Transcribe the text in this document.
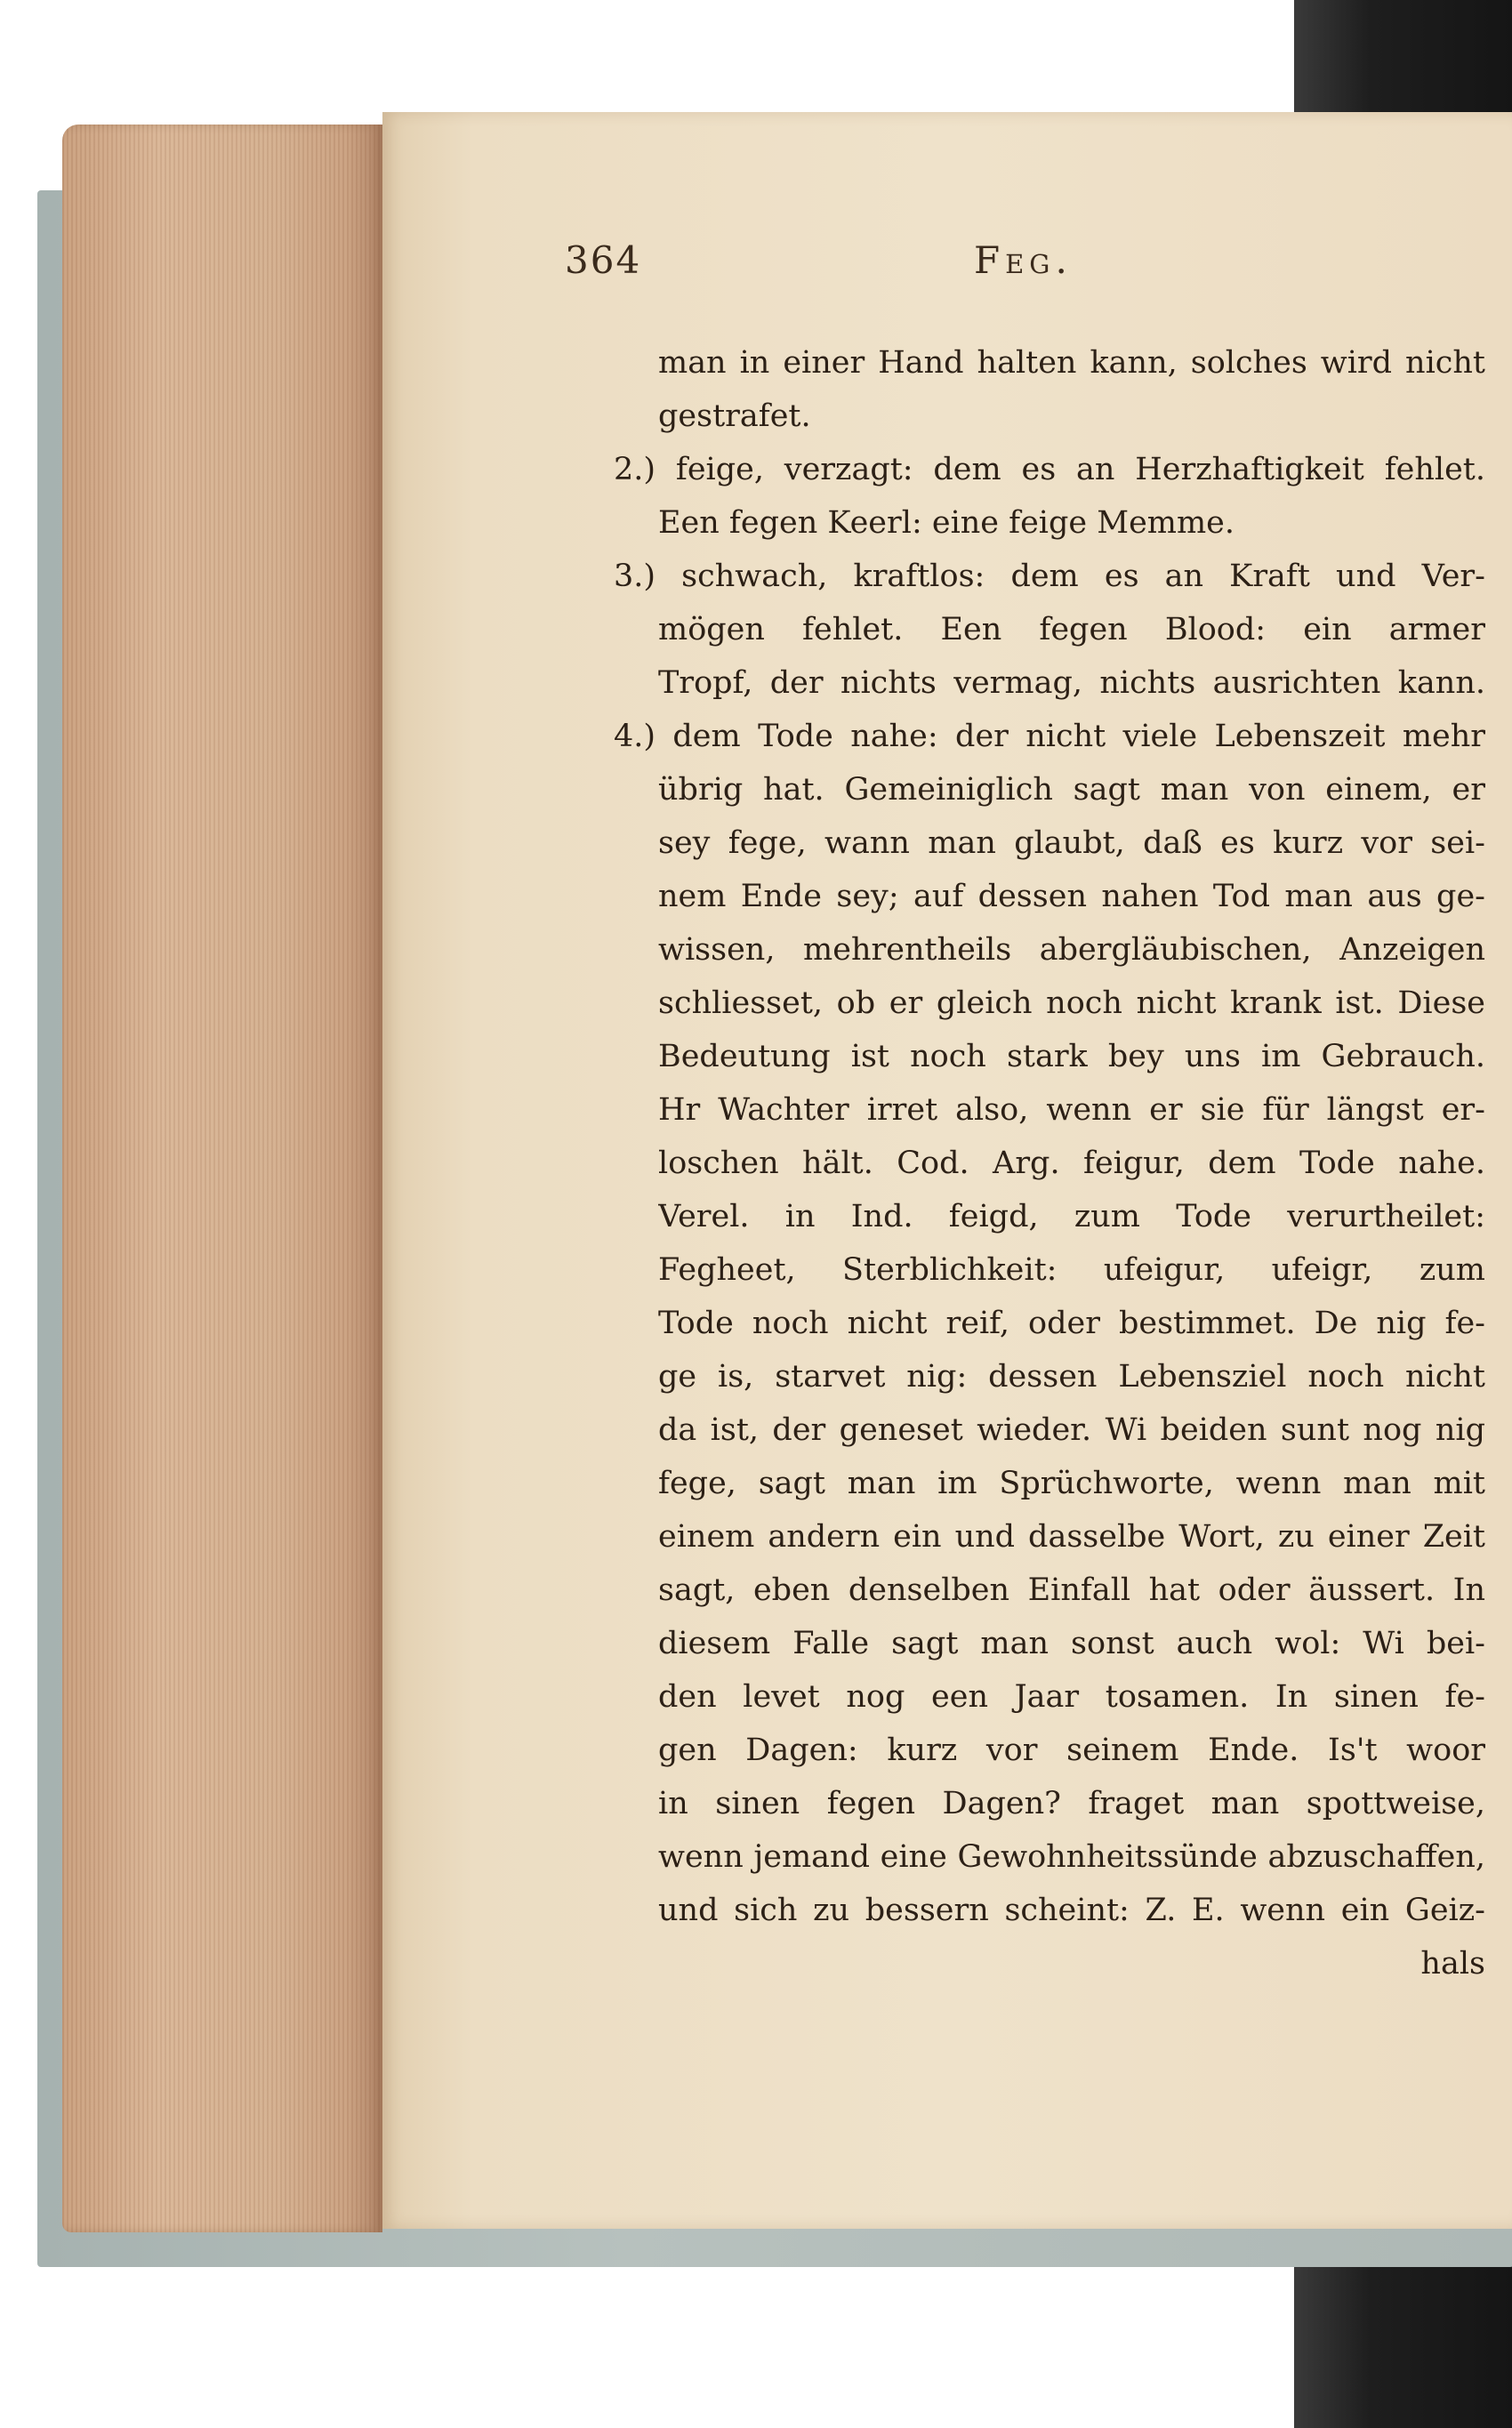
364	Feg.
man in einer Hand halten kann, solches wird nicht
gestrafet.
2.) feige, verzagt: dem es an Herzhaftigkeit fehlet.
Een fegen Keerl: eine feige Memme.
3.) schwach, kraftlos: dem es an Kraft und Ver-
mögen fehlet. Een fegen Blood: ein armer
Tropf, der nichts vermag, nichts ausrichten kann.
4.) dem Tode nahe: der nicht viele Lebenszeit mehr
übrig hat. Gemeiniglich sagt man von einem, er
sey fege, wann man glaubt, daß es kurz vor sei-
nem Ende sey; auf dessen nahen Tod man aus ge-
wissen, mehrentheils abergläubischen, Anzeigen
schliesset, ob er gleich noch nicht krank ist. Diese
Bedeutung ist noch stark bey uns im Gebrauch.
Hr Wachter irret also, wenn er sie für längst er-
loschen hält. Cod. Arg. feigur, dem Tode nahe.
Verel. in Ind. feigd, zum Tode verurtheilet:
Fegheet, Sterblichkeit: ufeigur, ufeigr, zum
Tode noch nicht reif, oder bestimmet. De nig fe-
ge is, starvet nig: dessen Lebensziel noch nicht
da ist, der geneset wieder. Wi beiden sunt nog nig
fege, sagt man im Sprüchworte, wenn man mit
einem andern ein und dasselbe Wort, zu einer Zeit
sagt, eben denselben Einfall hat oder äussert. In
diesem Falle sagt man sonst auch wol: Wi bei-
den levet nog een Jaar tosamen. In sinen fe-
gen Dagen: kurz vor seinem Ende. Is't woor
in sinen fegen Dagen? fraget man spottweise,
wenn jemand eine Gewohnheitssünde abzuschaffen,
und sich zu bessern scheint: Z. E. wenn ein Geiz-
hals
